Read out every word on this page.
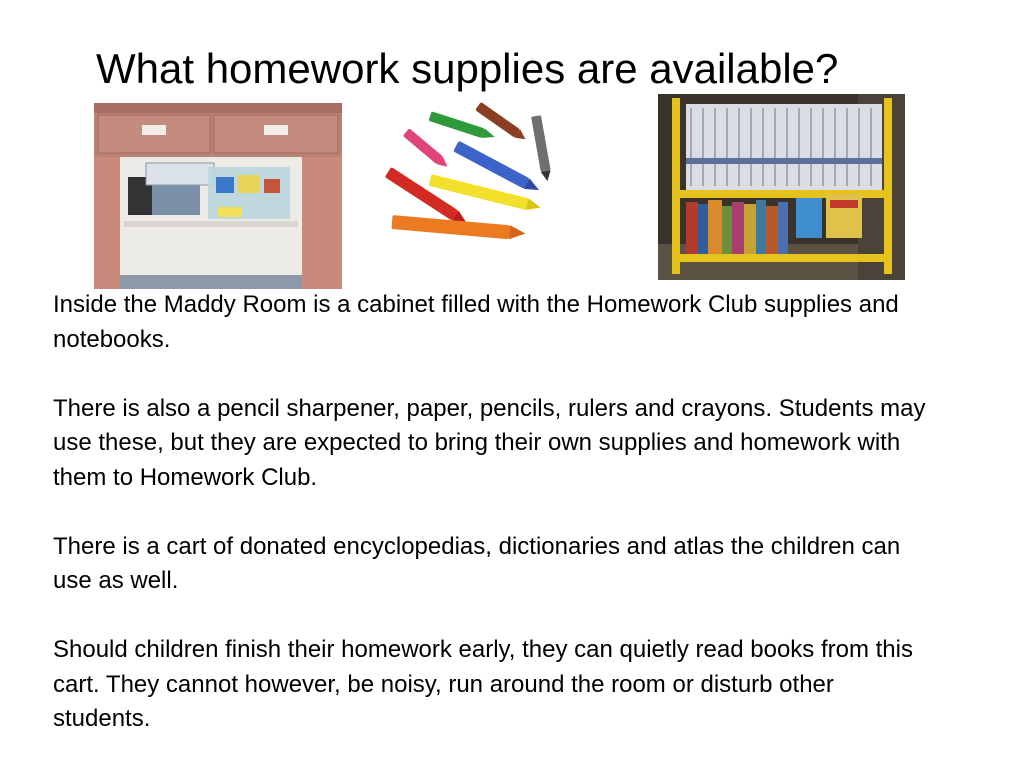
What homework supplies are available?

Inside the Maddy Room is a cabinet filled with the Homework Club supplies and notebooks.

There is also a pencil sharpener, paper, pencils, rulers and crayons. Students may use these, but they are expected to bring their own supplies and homework with them to Homework Club.

There is a cart of donated encyclopedias, dictionaries and atlas the children can use as well.

Should children finish their homework early, they can quietly read books from this cart. They cannot however, be noisy, run around the room or disturb other students.
